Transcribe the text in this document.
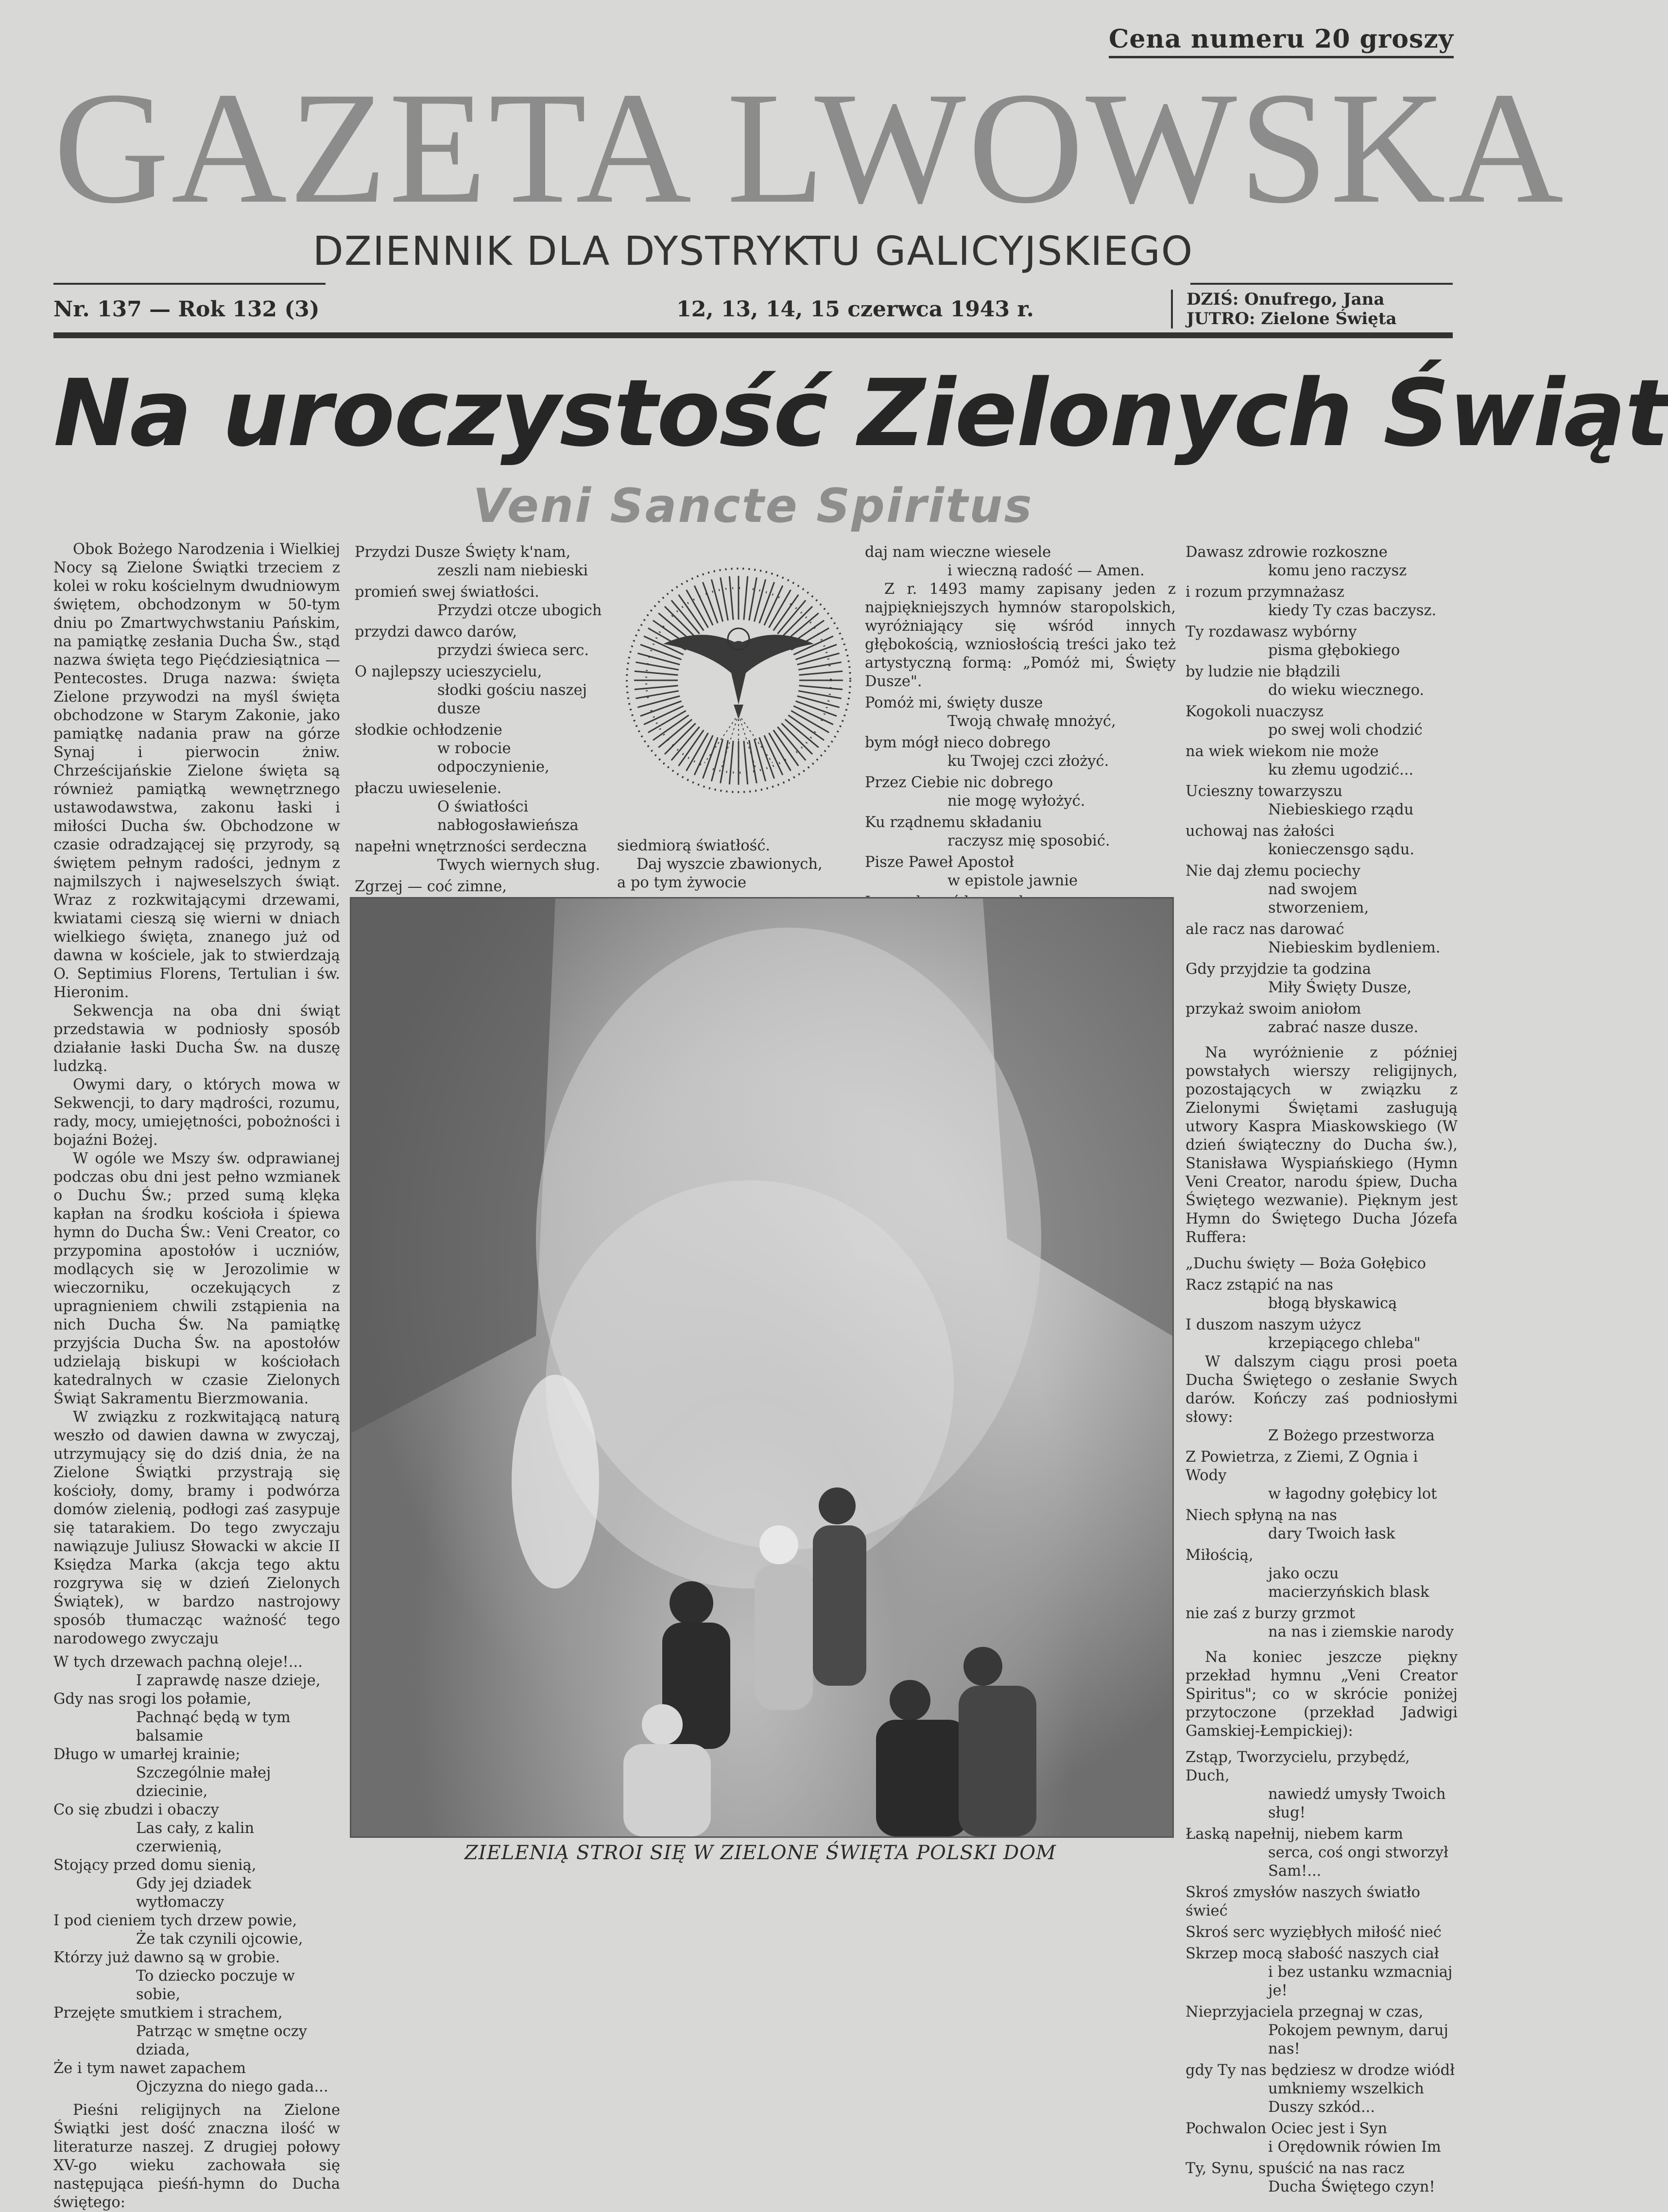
Cena numeru 20 groszy
GAZETA LWOWSKA
DZIENNIK DLA DYSTRYKTU GALICYJSKIEGO
Nr. 137 — Rok 132 (3)	12, 13, 14, 15 czerwca 1943 r.	DZIŚ: Onufrego, Jana
JUTRO: Zielone Święta
Na uroczystość Zielonych Świąt
Veni Sancte Spiritus

Obok Bożego Narodzenia i Wielkiej Nocy są Zielone Świątki trzeciem z kolei w roku kościelnym dwudniowym świętem, obchodzonym w 50-tym dniu po Zmartwychwstaniu Pańskim, na pamiątkę zesłania Ducha Św., stąd nazwa święta tego Pięćdziesiątnica — Pentecostes. Druga nazwa: święta Zielone przywodzi na myśl święta obchodzone w Starym Zakonie, jako pamiątkę nadania praw na górze Synaj i pierwocin żniw. Chrześcijańskie Zielone święta są również pamiątką wewnętrznego ustawodawstwa, zakonu łaski i miłości Ducha św. Obchodzone w czasie odradzającej się przyrody, są świętem pełnym radości, jednym z najmilszych i najweselszych świąt. Wraz z rozkwitającymi drzewami, kwiatami cieszą się wierni w dniach wielkiego święta, znanego już od dawna w kościele, jak to stwierdzają O. Septimius Florens, Tertulian i św. Hieronim.

Sekwencja na oba dni świąt przedstawia w podniosły sposób działanie łaski Ducha Św. na duszę ludzką.

Owymi dary, o których mowa w Sekwencji, to dary mądrości, rozumu, rady, mocy, umiejętności, pobożności i bojaźni Bożej.

W ogóle we Mszy św. odprawianej podczas obu dni jest pełno wzmianek o Duchu Św.; przed sumą klęka kapłan na środku kościoła i śpiewa hymn do Ducha Św.: Veni Creator, co przypomina apostołów i uczniów, modlących się w Jerozolimie w wieczorniku, oczekujących z upragnieniem chwili zstąpienia na nich Ducha Św. Na pamiątkę przyjścia Ducha Św. na apostołów udzielają biskupi w kościołach katedralnych w czasie Zielonych Świąt Sakramentu Bierzmowania.

W związku z rozkwitającą naturą weszło od dawien dawna w zwyczaj, utrzymujący się do dziś dnia, że na Zielone Świątki przystrają się kościoły, domy, bramy i podwórza domów zielenią, podłogi zaś zasypuje się tatarakiem. Do tego zwyczaju nawiązuje Juliusz Słowacki w akcie II Księdza Marka (akcja tego aktu rozgrywa się w dzień Zielonych Świątek), w bardzo nastrojowy sposób tłumacząc ważność tego narodowego zwyczaju

W tych drzewach pachną oleje!...
I zaprawdę nasze dzieje,
Gdy nas srogi los połamie,
Pachnąć będą w tym balsamie
Długo w umarłej krainie;
Szczególnie małej dziecinie,
Co się zbudzi i obaczy
Las cały, z kalin czerwienią,
Stojący przed domu sienią,
Gdy jej dziadek wytłomaczy
I pod cieniem tych drzew powie,
Że tak czynili ojcowie,
Którzy już dawno są w grobie.
To dziecko poczuje w sobie,
Przejęte smutkiem i strachem,
Patrząc w smętne oczy dziada,
Że i tym nawet zapachem
Ojczyzna do niego gada...

Pieśni religijnych na Zielone Świątki jest dość znaczna ilość w literaturze naszej. Z drugiej połowy XV-go wieku zachowała się następująca pieśń-hymn do Ducha świętego:

Przydzi Dusze Święty k'nam,
zeszli nam niebieski
promień swej światłości.
Przydzi otcze ubogich
przydzi dawco darów,
przydzi świeca serc.
O najlepszy ucieszycielu,
słodki gościu naszej dusze
słodkie ochłodzenie
w robocie odpoczynienie,
płaczu uwieselenie.
O światłości nabłogosławieńsza
napełni wnętrzności serdeczna
Twych wiernych sług.
Zgrzej — coć zimne,
siedmiorą światłość.
Daj wyszcie zbawionych,
a po tym żywocie
daj nam wieczne wiesele
i wieczną radość — Amen.

Z r. 1493 mamy zapisany jeden z najpiękniejszych hymnów staropolskich, wyróżniający się wśród innych głębokością, wzniosłością treści jako też artystyczną formą: „Pomóż mi, Święty Dusze".

Pomóż mi, święty dusze
Twoją chwałę mnożyć,
bym mógł nieco dobrego
ku Twojej czci złożyć.
Przez Ciebie nic dobrego
nie mogę wyłożyć.
Ku rządnemu składaniu
raczysz mię sposobić.
Pisze Paweł Apostoł
w epistole jawnie
Dawasz zdrowie rozkoszne
komu jeno raczysz
i rozum przymnażasz
kiedy Ty czas baczysz.
Ty rozdawasz wybórny
pisma głębokiego
by ludzie nie błądzili
do wieku wiecznego.
Kogokoli nuaczysz
po swej woli chodzić
na wiek wiekom nie może
ku złemu ugodzić...
Ucieszny towarzyszu
Niebieskiego rządu
uchowaj nas żałości
konieczensgo sądu.
Nie daj złemu pociechy
nad swojem stworzeniem,
ale racz nas darować
Niebieskim bydleniem.
Gdy przyjdzie ta godzina
Miły Święty Dusze,
przykaż swoim aniołom
zabrać nasze dusze.

Na wyróżnienie z później powstałych wierszy religijnych, pozostających w związku z Zielonymi Świętami zasługują utwory Kaspra Miaskowskiego (W dzień świąteczny do Ducha św.), Stanisława Wyspiańskiego (Hymn Veni Creator, narodu śpiew, Ducha Świętego wezwanie). Pięknym jest Hymn do Świętego Ducha Józefa Ruffera:

„Duchu święty — Boża Gołębico
Racz zstąpić na nas
błogą błyskawicą
I duszom naszym użycz
krzepiącego chleba"

W dalszym ciągu prosi poeta Ducha Świętego o zesłanie Swych darów. Kończy zaś podniosłymi słowy:

Z Bożego przestworza
Z Powietrza, z Ziemi, Z Ognia i Wody
w łagodny gołębicy lot
Niech spłyną na nas
dary Twoich łask
Miłością,
jako oczu macierzyńskich blask
nie zaś z burzy grzmot
na nas i ziemskie narody

Na koniec jeszcze piękny przekład hymnu „Veni Creator Spiritus"; co w skrócie poniżej przytoczone (przekład Jadwigi Gamskiej-Łempickiej):

Zstąp, Tworzycielu, przybędź, Duch,
nawiedź umysły Twoich sług!
Łaską napełnij, niebem karm
serca, coś ongi stworzył Sam!...
Skroś zmysłów naszych światło świeć
Skroś serc wyziębłych miłość nieć
Skrzep mocą słabość naszych ciał
i bez ustanku wzmacniaj je!
Nieprzyjaciela przegnaj w czas,
Pokojem pewnym, daruj nas!
gdy Ty nas będziesz w drodze wiódł
umkniemy wszelkich Duszy szkód...
Pochwalon Ociec jest i Syn
i Orędownik rówien Im
Ty, Synu, spuścić na nas racz
Ducha Świętego czyn!
ZIELENIĄ STROI SIĘ W ZIELONE ŚWIĘTA POLSKI DOM
